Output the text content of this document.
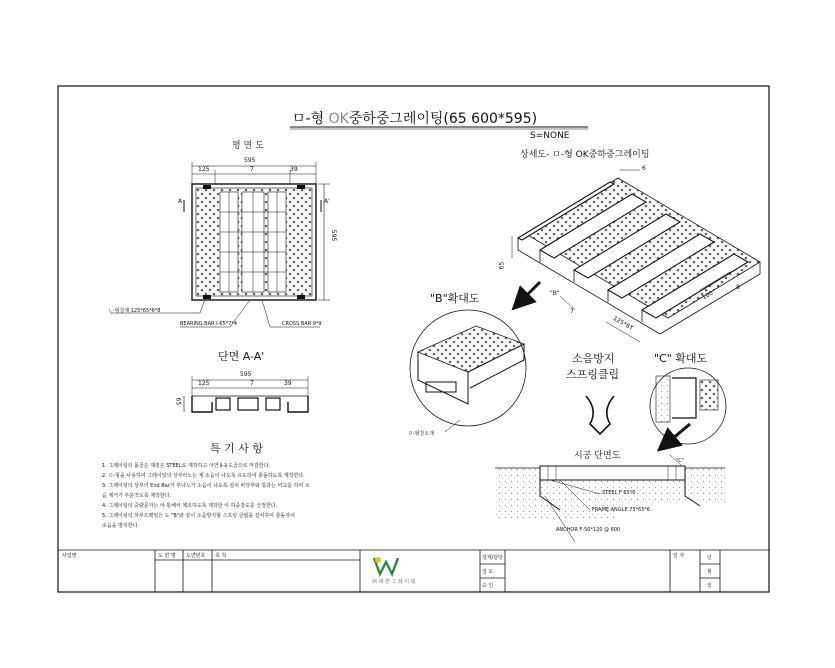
ㅁ-형 OK중하중그레이팅(65 600*595)
S=NONE
평 면 도
595
125	7	39
595
A	A'
ㄴ-형강재 125*65*6*8
BEARING BAR I-65*7*4	CROSS BAR 9*9
단면 A-A'
595
125	7	39
65
특 기 사 항
1. 그레이팅의 몸골은 재질은 STEEL로 제작하고 아연용융도금으로 마감한다.
2. ㅁ-형을 사용하여 그레이팅의 상부라노는 제 소음이 나도록 유도하여 충돌하도록 제작한다.
3. 그레이팅의 상부의 End Bar가 부나노가 소음이 나도록 설치 바닥부와 통과는 비교를 하여 소
음 제거가 부분적도록 제작한다.
4. 그레이팅의 중량문자는 야 통해서 제조하도록 제작한 이 하중강도를 산정한다.
5. 그레이팅의 하부프레임은 도 "B"와 같이 소음방지형 스프링 클립을 설치하여 충돌하여
소음을 방지한다.
상세도- ㅁ-형 OK중하중그레이팅
6
65
100
8
125*6T
7
"B"
"B"확대도
ㅁ-형강소재
소음방지
스프링클립
"C" 확대도
시공 단면도	"C"
STEEL F 65*6
FRAME ANGLE 75*65*6
ANCHOR F-50*120 @ 600
사업명	도 면 명 도면번호 축 척	설계/담당
검 토
승 인
일 자	년
월
일
㈜ 대 한 그 레 이 팅
